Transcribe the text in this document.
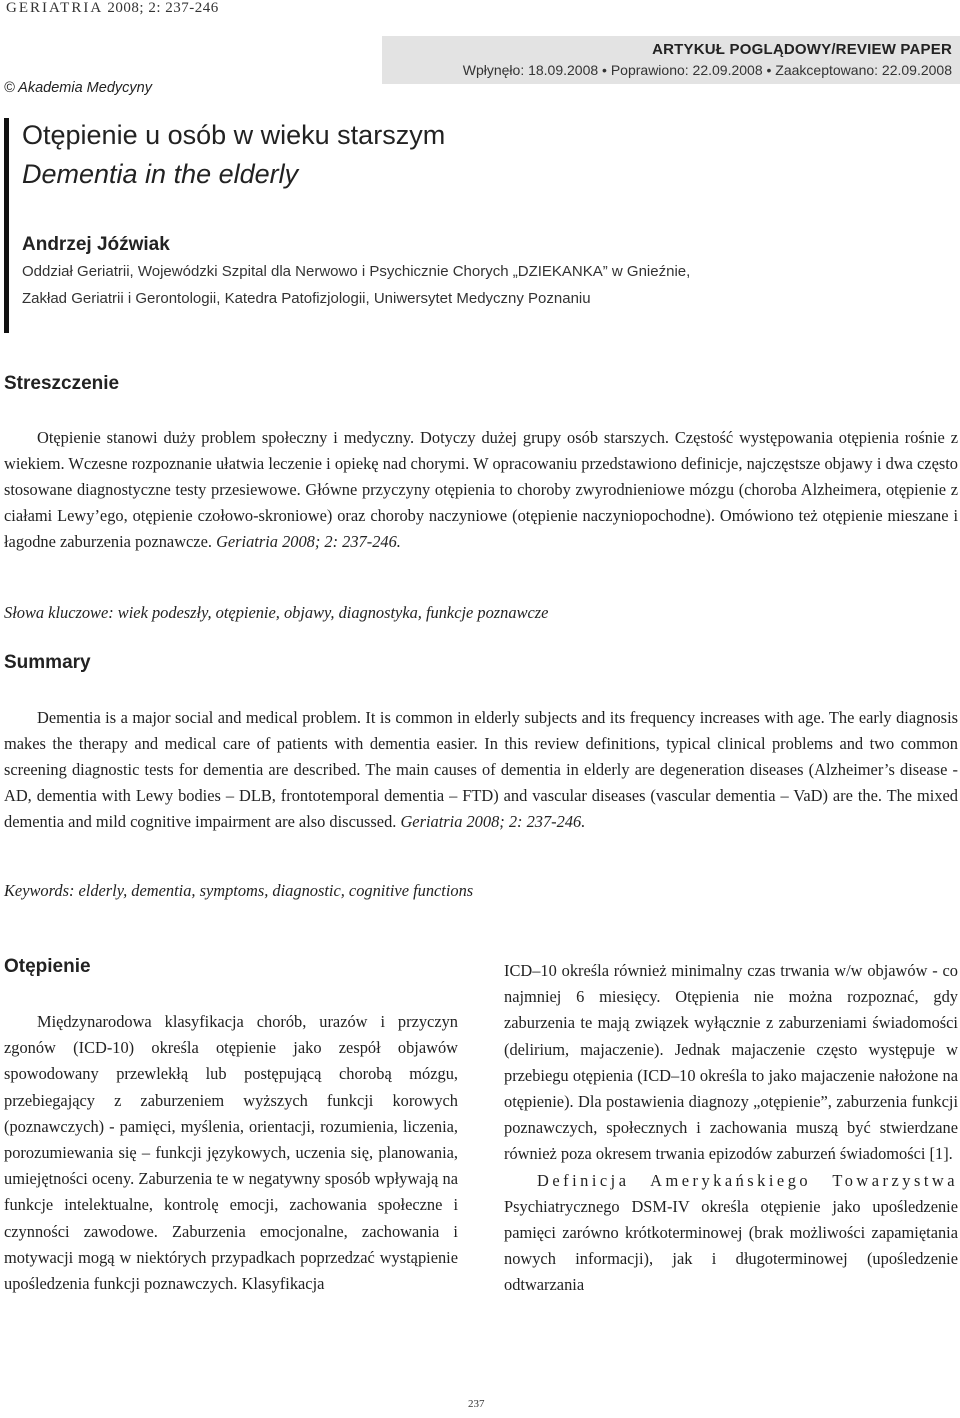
GERIATRIA 2008; 2: 237-246
© Akademia Medycyny
ARTYKUŁ POGLĄDOWY/REVIEW PAPER
Wpłynęło: 18.09.2008 • Poprawiono: 22.09.2008 • Zaakceptowano: 22.09.2008
Otępienie u osób w wieku starszym
Dementia in the elderly
Andrzej Jóźwiak
Oddział Geriatrii, Wojewódzki Szpital dla Nerwowo i Psychicznie Chorych „DZIEKANKA” w Gnieźnie,
Zakład Geriatrii i Gerontologii, Katedra Patofizjologii, Uniwersytet Medyczny Poznaniu
Streszczenie
Otępienie stanowi duży problem społeczny i medyczny. Dotyczy dużej grupy osób starszych. Częstość występowania otępienia rośnie z wiekiem. Wczesne rozpoznanie ułatwia leczenie i opiekę nad chorymi. W opracowaniu przedstawiono definicje, najczęstsze objawy i dwa często stosowane diagnostyczne testy przesiewowe. Główne przyczyny otępienia to choroby zwyrodnieniowe mózgu (choroba Alzheimera, otępienie z ciałami Lewy’ego, otępienie czołowo-skroniowe) oraz choroby naczyniowe (otępienie naczyniopochodne). Omówiono też otępienie mieszane i łagodne zaburzenia poznawcze. Geriatria 2008; 2: 237-246.
Słowa kluczowe: wiek podeszły, otępienie, objawy, diagnostyka, funkcje poznawcze
Summary
Dementia is a major social and medical problem. It is common in elderly subjects and its frequency increases with age. The early diagnosis makes the therapy and medical care of patients with dementia easier. In this review definitions, typical clinical problems and two common screening diagnostic tests for dementia are described. The main causes of dementia in elderly are degeneration diseases (Alzheimer’s disease - AD, dementia with Lewy bodies – DLB, frontotemporal dementia – FTD) and vascular diseases (vascular dementia – VaD) are the. The mixed dementia and mild cognitive impairment are also discussed. Geriatria 2008; 2: 237-246.
Keywords: elderly, dementia, symptoms, diagnostic, cognitive functions
Otępienie

Międzynarodowa klasyfikacja chorób, urazów i przyczyn zgonów (ICD-10) określa otępienie jako zespół objawów spowodowany przewlekłą lub postępującą chorobą mózgu, przebiegający z zaburzeniem wyższych funkcji korowych (poznawczych) - pamięci, myślenia, orientacji, rozumienia, liczenia, porozumiewania się – funkcji językowych, uczenia się, planowania, umiejętności oceny. Zaburzenia te w negatywny sposób wpływają na funkcje intelektualne, kontrolę emocji, zachowania społeczne i czynności zawodowe. Zaburzenia emocjonalne, zachowania i motywacji mogą w niektórych przypadkach poprzedzać wystąpienie upośledzenia funkcji poznawczych. Klasyfikacja

ICD–10 określa również minimalny czas trwania w/w objawów - co najmniej 6 miesięcy. Otępienia nie można rozpoznać, gdy zaburzenia te mają związek wyłącznie z zaburzeniami świadomości (delirium, majaczenie). Jednak majaczenie często występuje w przebiegu otępienia (ICD–10 określa to jako majaczenie nałożone na otępienie). Dla postawienia diagnozy „otępienie”, zaburzenia funkcji poznawczych, społecznych i zachowania muszą być stwierdzane również poza okresem trwania epizodów zaburzeń świadomości [1].

Definicja Amerykańskiego Towarzystwa Psychiatrycznego DSM-IV określa otępienie jako upośledzenie pamięci zarówno krótkoterminowej (brak możliwości zapamiętania nowych informacji), jak i długoterminowej (upośledzenie odtwarzania

237
